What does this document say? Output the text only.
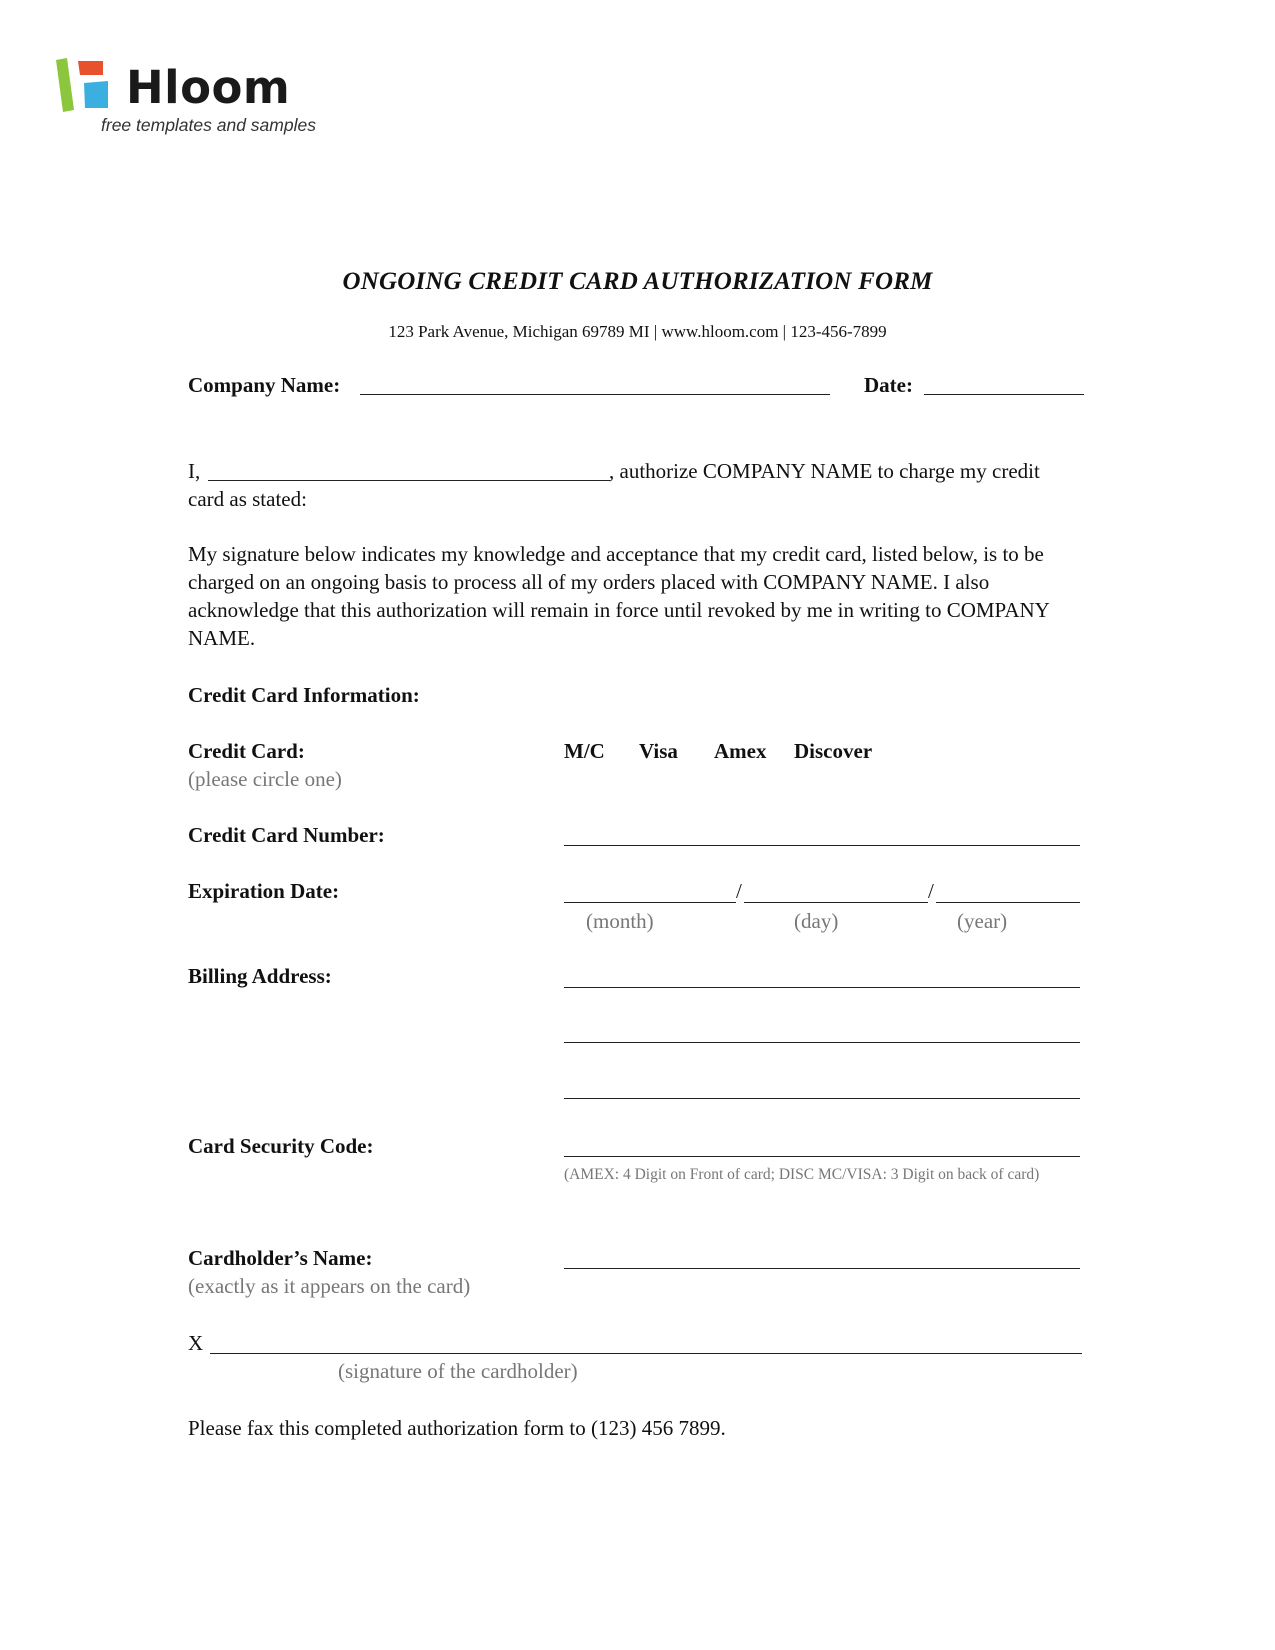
Hloom
free templates and samples
ONGOING CREDIT CARD AUTHORIZATION FORM
123 Park Avenue, Michigan 69789 MI | www.hloom.com | 123-456-7899
Company Name:	Date:
I,	, authorize COMPANY NAME to charge my credit
card as stated:
My signature below indicates my knowledge and acceptance that my credit card, listed below, is to be charged on an ongoing basis to process all of my orders placed with COMPANY NAME. I also acknowledge that this authorization will remain in force until revoked by me in writing to COMPANY NAME.
Credit Card Information:
Credit Card:
(please circle one)
M/C Visa Amex Discover
Credit Card Number:
Expiration Date:	/	/
(month)	(day)	(year)
Billing Address:
Card Security Code:
(AMEX: 4 Digit on Front of card; DISC MC/VISA: 3 Digit on back of card)
Cardholder’s Name:
(exactly as it appears on the card)
X
(signature of the cardholder)
Please fax this completed authorization form to (123) 456 7899.
